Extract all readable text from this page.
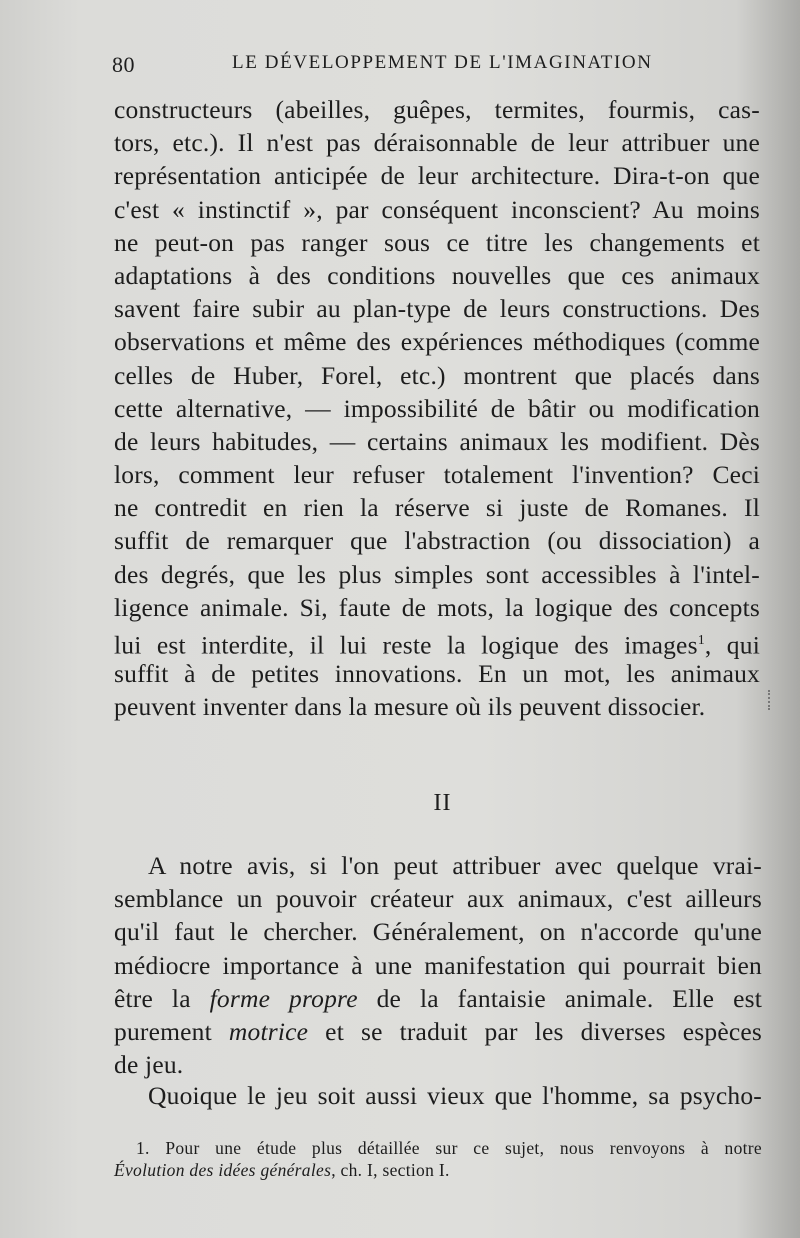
80	LE DÉVELOPPEMENT DE L'IMAGINATION
constructeurs (abeilles, guêpes, termites, fourmis, cas-
tors, etc.). Il n'est pas déraisonnable de leur attribuer une
représentation anticipée de leur architecture. Dira-t-on que
c'est « instinctif », par conséquent inconscient? Au moins
ne peut-on pas ranger sous ce titre les changements et
adaptations à des conditions nouvelles que ces animaux
savent faire subir au plan-type de leurs constructions. Des
observations et même des expériences méthodiques (comme
celles de Huber, Forel, etc.) montrent que placés dans
cette alternative, — impossibilité de bâtir ou modification
de leurs habitudes, — certains animaux les modifient. Dès
lors, comment leur refuser totalement l'invention? Ceci
ne contredit en rien la réserve si juste de Romanes. Il
suffit de remarquer que l'abstraction (ou dissociation) a
des degrés, que les plus simples sont accessibles à l'intel-
ligence animale. Si, faute de mots, la logique des concepts
lui est interdite, il lui reste la logique des images$^1$, qui
suffit à de petites innovations. En un mot, les animaux
peuvent inventer dans la mesure où ils peuvent dissocier.
II
A notre avis, si l'on peut attribuer avec quelque vrai-
semblance un pouvoir créateur aux animaux, c'est ailleurs
qu'il faut le chercher. Généralement, on n'accorde qu'une
médiocre importance à une manifestation qui pourrait bien
être la forme propre de la fantaisie animale. Elle est
purement motrice et se traduit par les diverses espèces
de jeu.
Quoique le jeu soit aussi vieux que l'homme, sa psycho-
1. Pour une étude plus détaillée sur ce sujet, nous renvoyons à notre
Évolution des idées générales, ch. I, section I.
